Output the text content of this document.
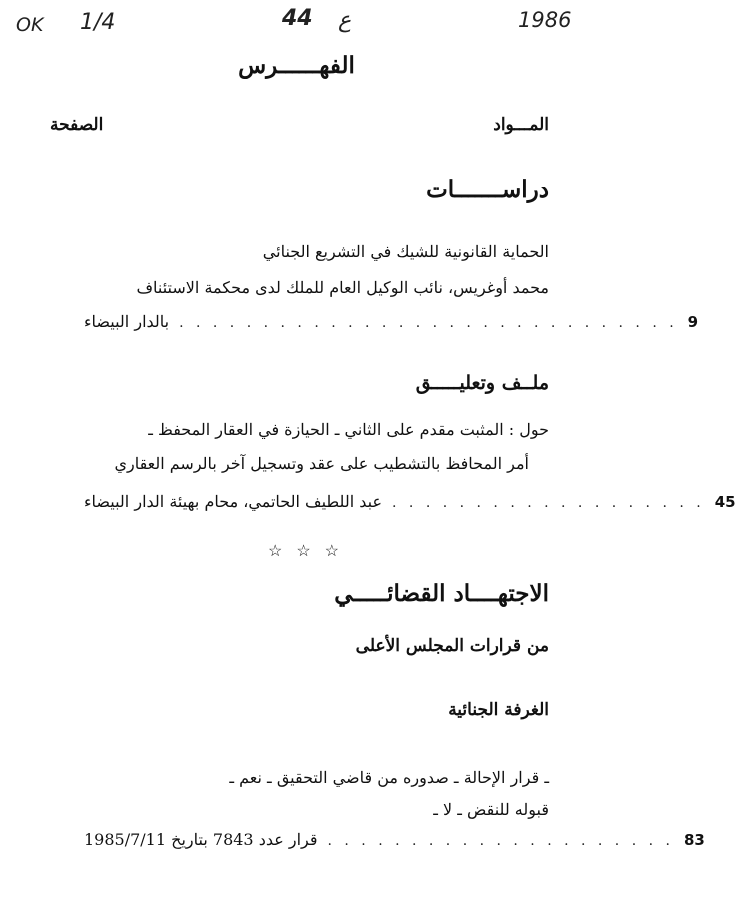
OK 1/4	44 ع	1986
الفهــــــرس
المـــواد
الصفحة
دراســـــــات
الحماية القانونية للشيك في التشريع الجنائي
محمد أوغريس، نائب الوكيل العام للملك لدى محكمة الاستئناف
بالدار البيضاء . . . . . . . . . . . . . . . . . . . . . . . . . . . . . . 9
ملــف وتعليـــــق
حول : المثبت مقدم على الثاني ـ الحيازة في العقار المحفظ ـ
أمر المحافظ بالتشطيب على عقد وتسجيل آخر بالرسم العقاري
عبد اللطيف الحاتمي، محام بهيئة الدار البيضاء . . . . . . . . . . . . . . . . . . . 45
☆☆☆
الاجتهــــاد القضائـــــي
من قرارات المجلس الأعلى
الغرفة الجنائية
ـ قرار الإحالة ـ صدوره من قاضي التحقيق ـ نعم ـ
قبوله للنقض ـ لا ـ
قرار عدد 7843 بتاريخ 1985/7/11 . . . . . . . . . . . . . . . . . . . . . 83
